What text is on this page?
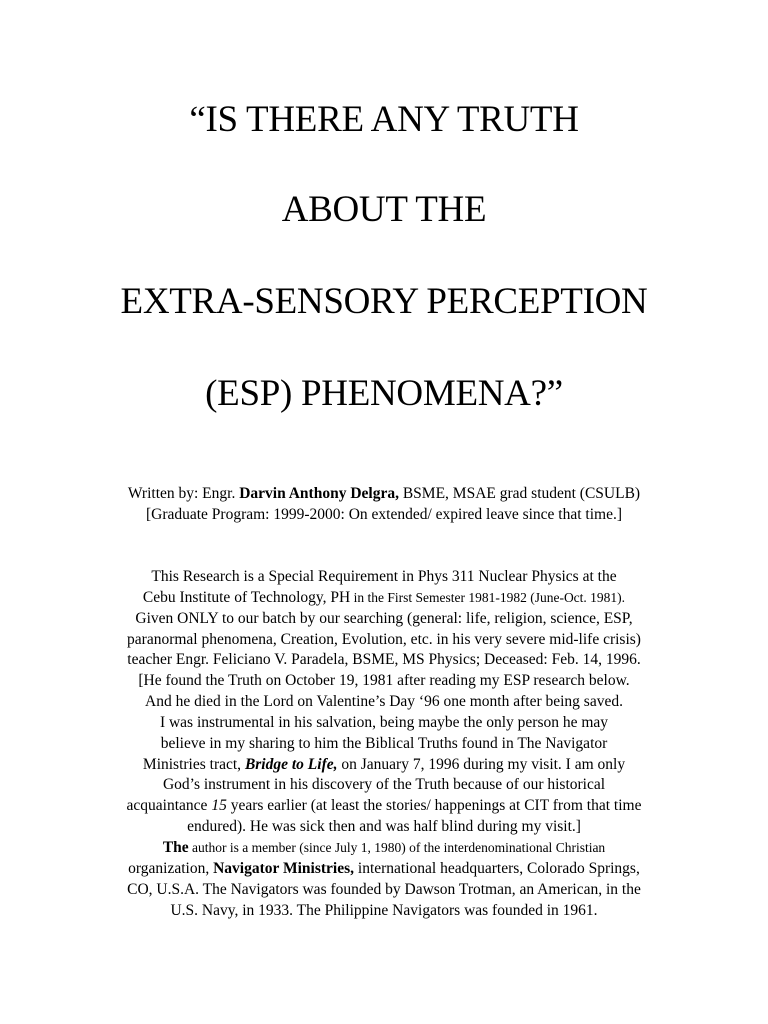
“IS THERE ANY TRUTH
ABOUT THE
EXTRA-SENSORY PERCEPTION
(ESP) PHENOMENA?”
Written by: Engr. Darvin Anthony Delgra, BSME, MSAE grad student (CSULB)
[Graduate Program: 1999-2000: On extended/ expired leave since that time.]
This Research is a Special Requirement in Phys 311 Nuclear Physics at the
Cebu Institute of Technology, PH in the First Semester 1981-1982 (June-Oct. 1981).
Given ONLY to our batch by our searching (general: life, religion, science, ESP,
paranormal phenomena, Creation, Evolution, etc. in his very severe mid-life crisis)
teacher Engr. Feliciano V. Paradela, BSME, MS Physics; Deceased: Feb. 14, 1996.
[He found the Truth on October 19, 1981 after reading my ESP research below.
And he died in the Lord on Valentine’s Day ‘96 one month after being saved.
I was instrumental in his salvation, being maybe the only person he may
believe in my sharing to him the Biblical Truths found in The Navigator
Ministries tract, Bridge to Life, on January 7, 1996 during my visit. I am only
God’s instrument in his discovery of the Truth because of our historical
acquaintance 15 years earlier (at least the stories/ happenings at CIT from that time
endured). He was sick then and was half blind during my visit.]
The author is a member (since July 1, 1980) of the interdenominational Christian
organization, Navigator Ministries, international headquarters, Colorado Springs,
CO, U.S.A. The Navigators was founded by Dawson Trotman, an American, in the
U.S. Navy, in 1933. The Philippine Navigators was founded in 1961.
